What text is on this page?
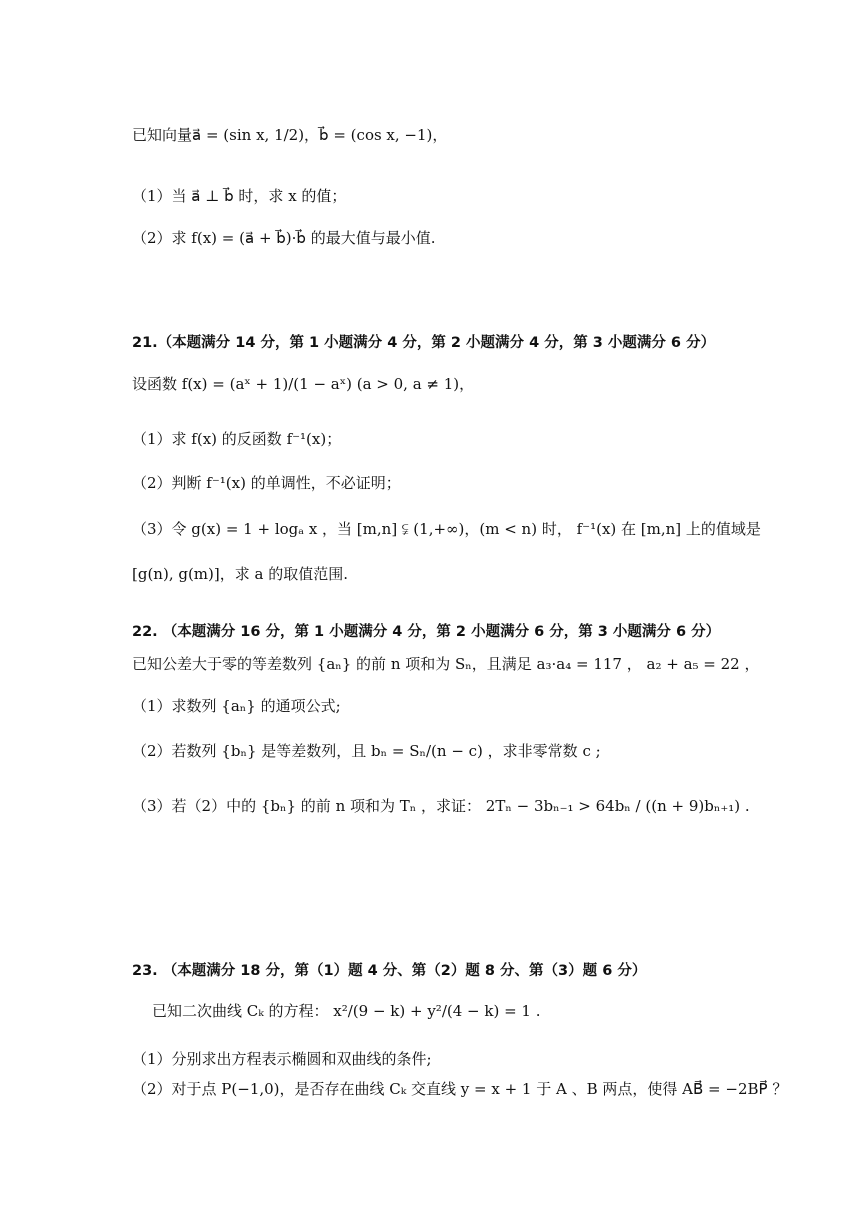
已知向量a⃗ = (sin x, 1/2)，b⃗ = (cos x, −1)，
（1）当 a⃗ ⊥ b⃗ 时，求 x 的值；
（2）求 f(x) = (a⃗ + b⃗)·b⃗ 的最大值与最小值.
21.（本题满分 14 分，第 1 小题满分 4 分，第 2 小题满分 4 分，第 3 小题满分 6 分）
设函数 f(x) = (aˣ + 1)/(1 − aˣ) (a > 0, a ≠ 1)，
（1）求 f(x) 的反函数 f⁻¹(x)；
（2）判断 f⁻¹(x) 的单调性，不必证明；
（3）令 g(x) = 1 + logₐ x ，当 [m,n] ⫋ (1,+∞)，(m < n) 时， f⁻¹(x) 在 [m,n] 上的值域是
[g(n), g(m)]，求 a 的取值范围.
22. （本题满分 16 分，第 1 小题满分 4 分，第 2 小题满分 6 分，第 3 小题满分 6 分）
已知公差大于零的等差数列 {aₙ} 的前 n 项和为 Sₙ，且满足 a₃·a₄ = 117 ， a₂ + a₅ = 22 ，
（1）求数列 {aₙ} 的通项公式;
（2）若数列 {bₙ} 是等差数列，且 bₙ = Sₙ/(n − c) ，求非零常数 c ;
（3）若（2）中的 {bₙ} 的前 n 项和为 Tₙ ，求证： 2Tₙ − 3bₙ₋₁ > 64bₙ / ((n + 9)bₙ₊₁) .
23. （本题满分 18 分，第（1）题 4 分、第（2）题 8 分、第（3）题 6 分）
已知二次曲线 Cₖ 的方程： x²/(9 − k) + y²/(4 − k) = 1 .
（1）分别求出方程表示椭圆和双曲线的条件;
（2）对于点 P(−1,0)，是否存在曲线 Cₖ 交直线 y = x + 1 于 A 、B 两点，使得 AB⃗ = −2BP⃗ ？
